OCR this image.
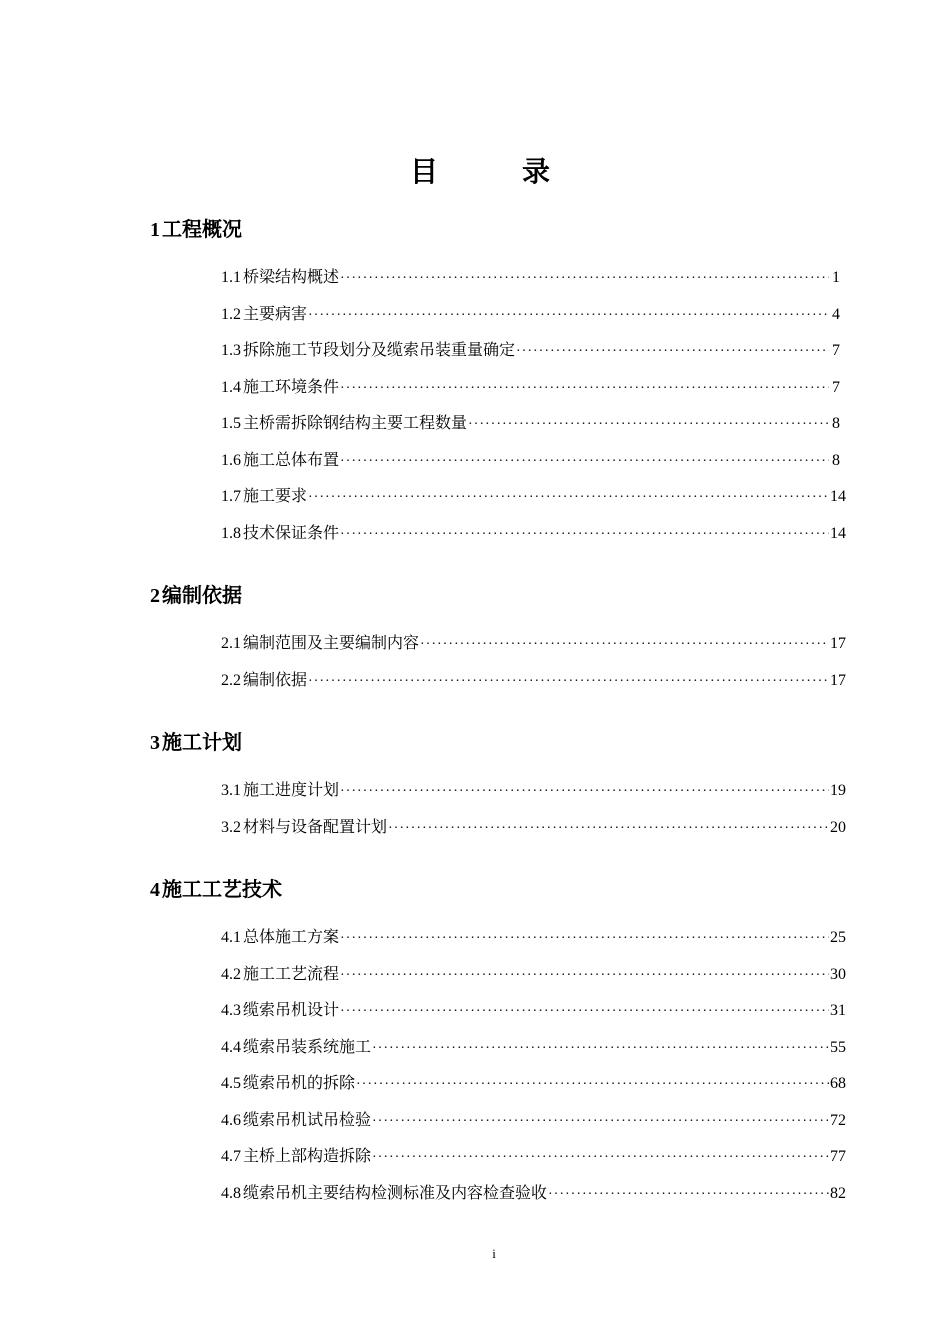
目　录
1 工程概况
1.1 桥梁结构概述 ·····	1
1.2 主要病害 ·····	4
1.3 拆除施工节段划分及缆索吊装重量确定 ·····	7
1.4 施工环境条件 ·····	7
1.5 主桥需拆除钢结构主要工程数量 ·····	8
1.6 施工总体布置 ·····	8
1.7 施工要求 ·····	14
1.8 技术保证条件 ·····	14
2 编制依据
2.1 编制范围及主要编制内容 ·····	17
2.2 编制依据 ·····	17
3 施工计划
3.1 施工进度计划 ·····	19
3.2 材料与设备配置计划 ·····	20
4 施工工艺技术
4.1 总体施工方案 ·····	25
4.2 施工工艺流程 ·····	30
4.3 缆索吊机设计 ·····	31
4.4 缆索吊装系统施工 ·····	55
4.5 缆索吊机的拆除 ·····	68
4.6 缆索吊机试吊检验 ·····	72
4.7 主桥上部构造拆除 ·····	77
4.8 缆索吊机主要结构检测标准及内容检查验收 ·····	82
i
